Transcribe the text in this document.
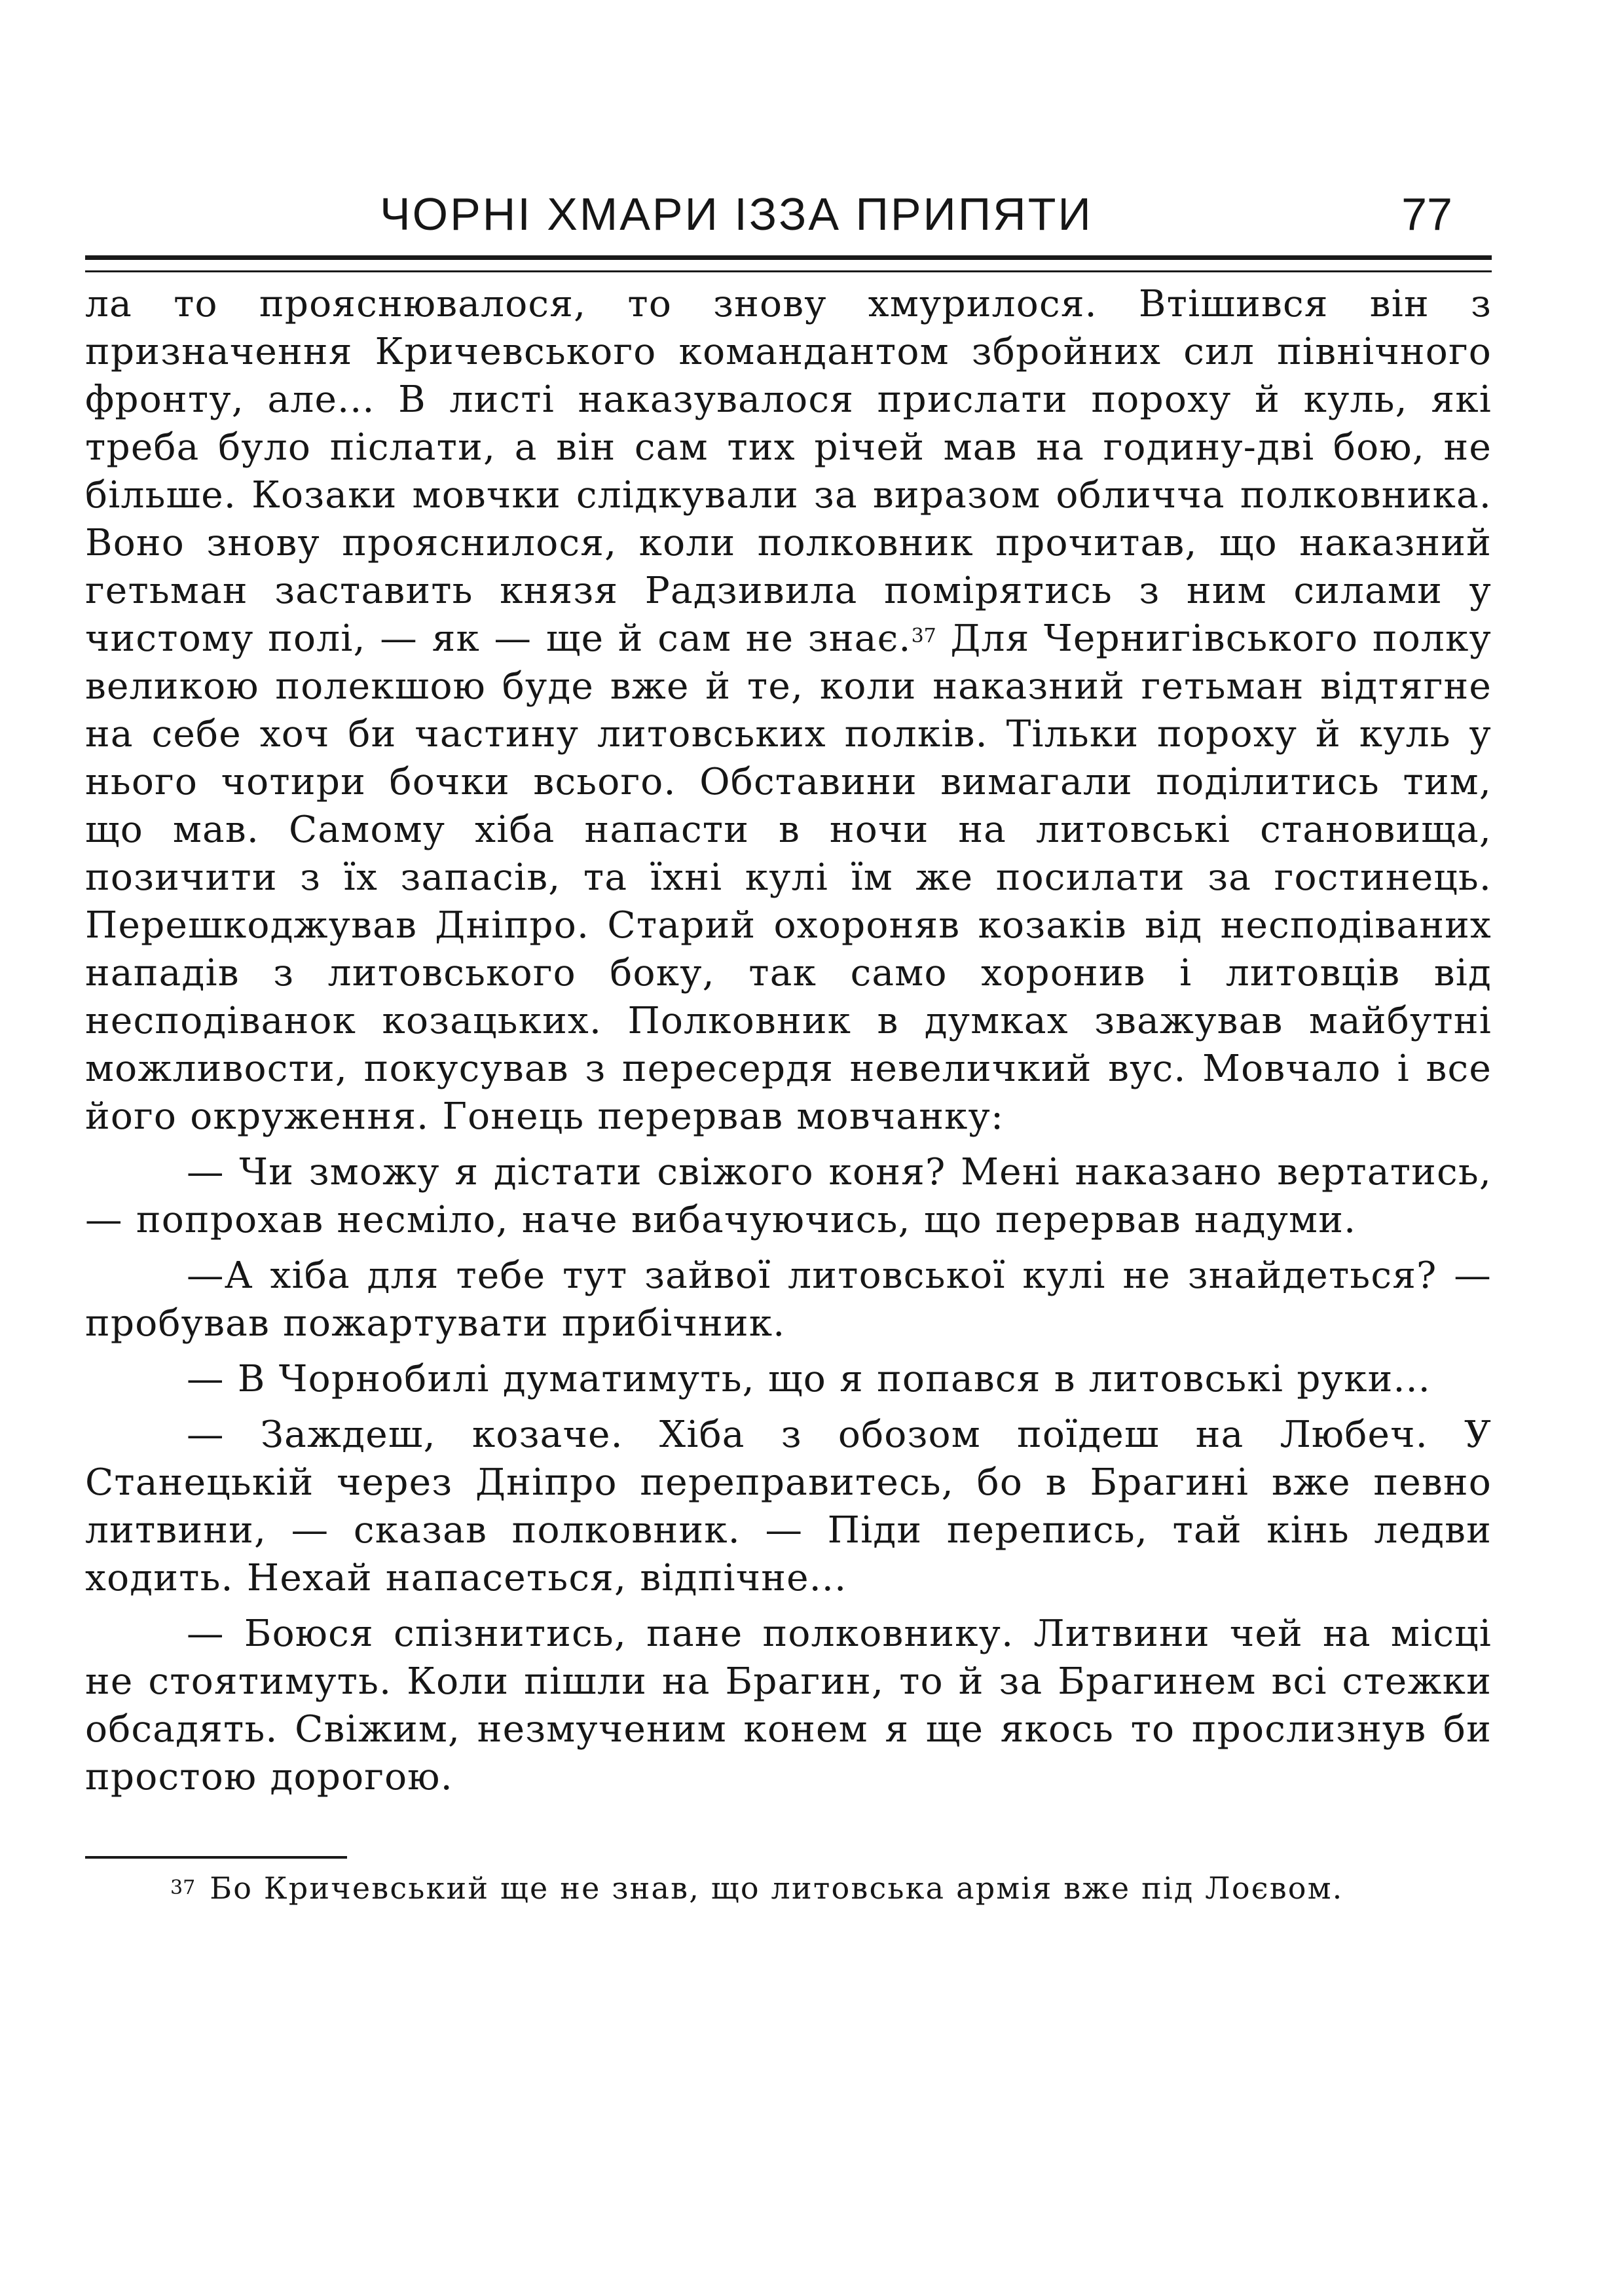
ЧОРНІ ХМАРИ ІЗЗА ПРИПЯТИ	77

ла то прояснювалося, то знову хмурилося. Втішився він з призначення Кричевського командантом збройних сил північного фронту, але... В листі наказувалося прислати пороху й куль, які треба було післати, а він сам тих річей мав на годину-дві бою, не більше. Козаки мовчки слідкували за виразом обличча полковника. Воно знову прояснилося, коли полковник прочитав, що наказний гетьман заставить князя Радзивила помірятись з ним силами у чистому полі, — як — ще й сам не знає.$^{37}$ Для Чернигівського полку великою полекшою буде вже й те, коли наказний гетьман відтягне на себе хоч би частину литовських полків. Тільки пороху й куль у нього чотири бочки всього. Обставини вимагали поділитись тим, що мав. Самому хіба напасти в ночи на литовські становища, позичити з їх запасів, та їхні кулі їм же посилати за гостинець. Перешкоджував Дніпро. Старий охороняв козаків від несподіваних нападів з литовського боку, так само хоронив і литовців від несподіванок козацьких. Полковник в думках зважував майбутні можливости, покусував з пересердя невеличкий вус. Мовчало і все його окруження. Гонець перервав мовчанку:

— Чи зможу я дістати свіжого коня? Мені наказано вертатись, — попрохав несміло, наче вибачуючись, що перервав надуми.

—А хіба для тебе тут зайвої литовської кулі не знайдеться? — пробував пожартувати прибічник.

— В Чорнобилі думатимуть, що я попався в литовські руки...

— Заждеш, козаче. Хіба з обозом поїдеш на Любеч. У Станецькій через Дніпро переправитесь, бо в Брагині вже певно литвини, — сказав полковник. — Піди перепись, тай кінь ледви ходить. Нехай напасеться, відпічне...

— Боюся спізнитись, пане полковнику. Литвини чей на місці не стоятимуть. Коли пішли на Брагин, то й за Брагинем всі стежки обсадять. Свіжим, незмученим конем я ще якось то прослизнув би простою дорогою.

$^{37}$ Бо Кричевський ще не знав, що литовська армія вже під Лоєвом.
